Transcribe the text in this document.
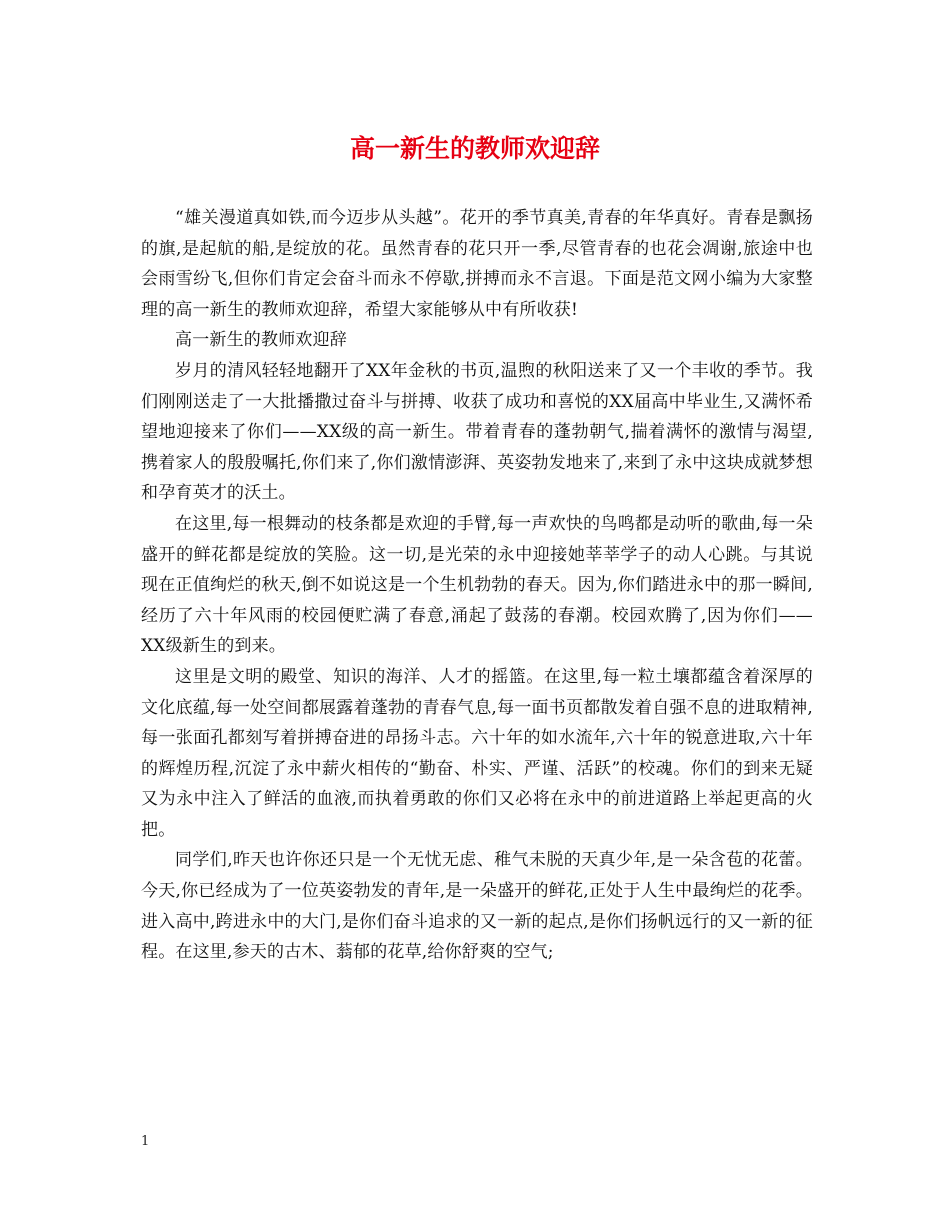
高一新生的教师欢迎辞

“雄关漫道真如铁,而今迈步从头越”。花开的季节真美,青春的年华真好。青春是飘扬的旗,是起航的船,是绽放的花。虽然青春的花只开一季,尽管青春的也花会凋谢,旅途中也会雨雪纷飞,但你们肯定会奋斗而永不停歇,拼搏而永不言退。下面是范文网小编为大家整理的高一新生的教师欢迎辞，希望大家能够从中有所收获!

高一新生的教师欢迎辞

岁月的清风轻轻地翻开了XX年金秋的书页,温煦的秋阳送来了又一个丰收的季节。我们刚刚送走了一大批播撒过奋斗与拼搏、收获了成功和喜悦的XX届高中毕业生,又满怀希望地迎接来了你们——XX级的高一新生。带着青春的蓬勃朝气,揣着满怀的激情与渴望,携着家人的殷殷嘱托,你们来了,你们激情澎湃、英姿勃发地来了,来到了永中这块成就梦想和孕育英才的沃土。

在这里,每一根舞动的枝条都是欢迎的手臂,每一声欢快的鸟鸣都是动听的歌曲,每一朵盛开的鲜花都是绽放的笑脸。这一切,是光荣的永中迎接她莘莘学子的动人心跳。与其说现在正值绚烂的秋天,倒不如说这是一个生机勃勃的春天。因为,你们踏进永中的那一瞬间,经历了六十年风雨的校园便贮满了春意,涌起了鼓荡的春潮。校园欢腾了,因为你们——XX级新生的到来。

这里是文明的殿堂、知识的海洋、人才的摇篮。在这里,每一粒土壤都蕴含着深厚的文化底蕴,每一处空间都展露着蓬勃的青春气息,每一面书页都散发着自强不息的进取精神,每一张面孔都刻写着拼搏奋进的昂扬斗志。六十年的如水流年,六十年的锐意进取,六十年的辉煌历程,沉淀了永中薪火相传的“勤奋、朴实、严谨、活跃”的校魂。你们的到来无疑又为永中注入了鲜活的血液,而执着勇敢的你们又必将在永中的前进道路上举起更高的火把。

同学们,昨天也许你还只是一个无忧无虑、稚气未脱的天真少年,是一朵含苞的花蕾。今天,你已经成为了一位英姿勃发的青年,是一朵盛开的鲜花,正处于人生中最绚烂的花季。进入高中,跨进永中的大门,是你们奋斗追求的又一新的起点,是你们扬帆远行的又一新的征程。在这里,参天的古木、蓊郁的花草,给你舒爽的空气;

1
